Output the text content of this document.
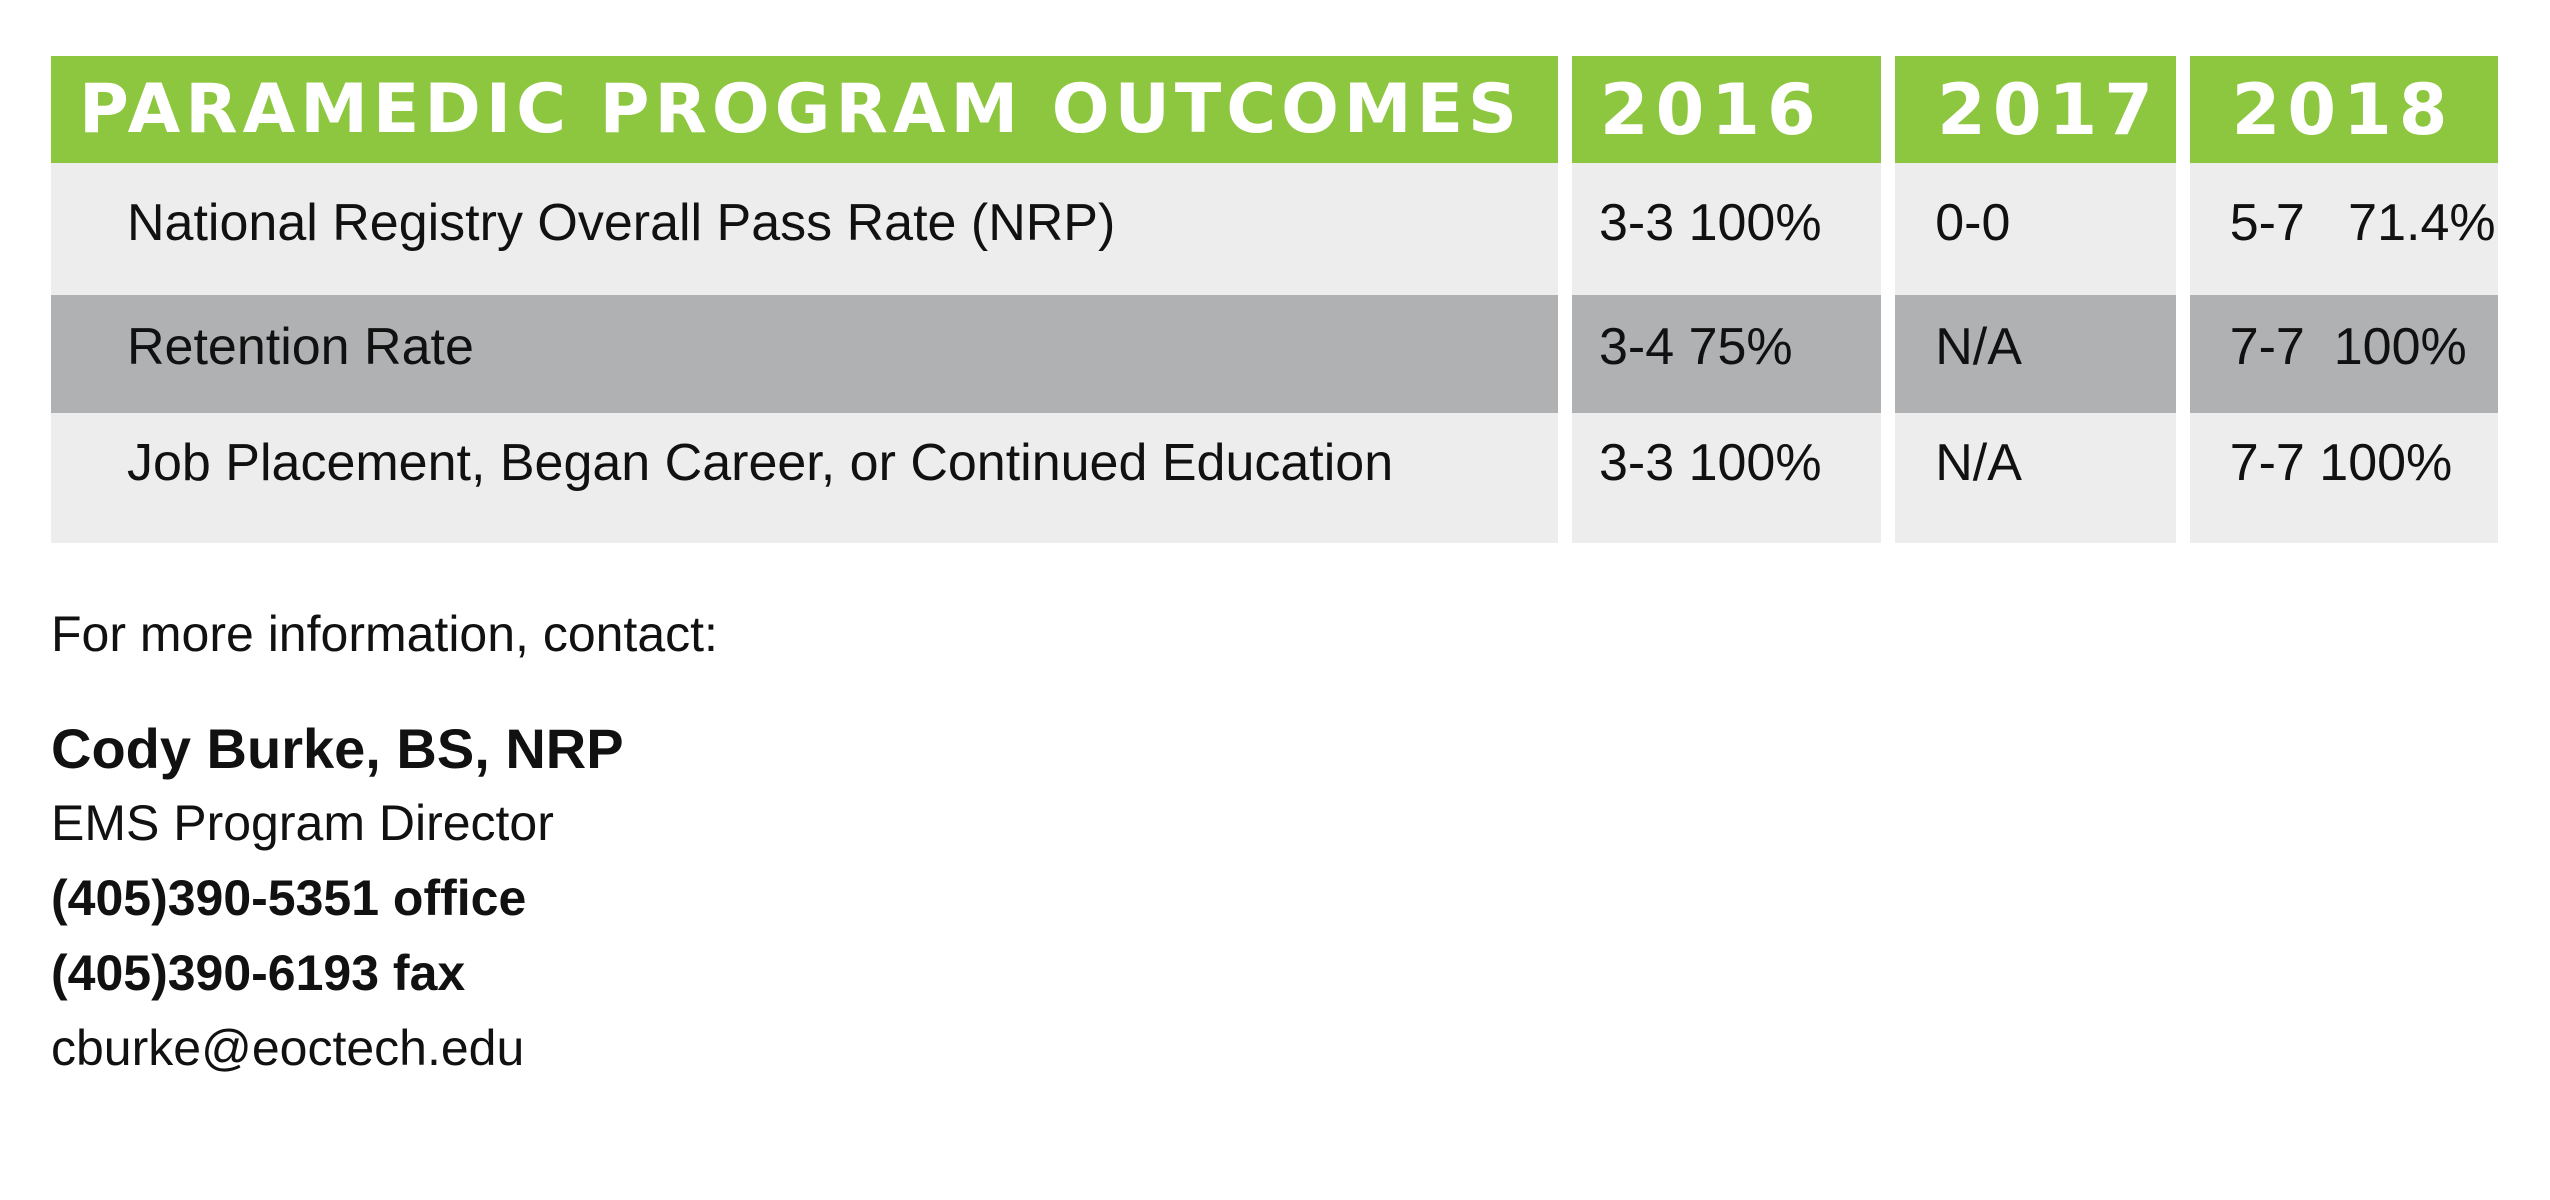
PARAMEDIC PROGRAM OUTCOMES	2016	2017	2018
National Registry Overall Pass Rate (NRP)	3-3 100%	0-0	5-7   71.4%
Retention Rate	3-4 75%	N/A	7-7  100%
Job Placement, Began Career, or Continued Education	3-3 100%	N/A	7-7 100%

For more information, contact:

Cody Burke, BS, NRP

EMS Program Director

(405)390-5351 office

(405)390-6193 fax

cburke@eoctech.edu
